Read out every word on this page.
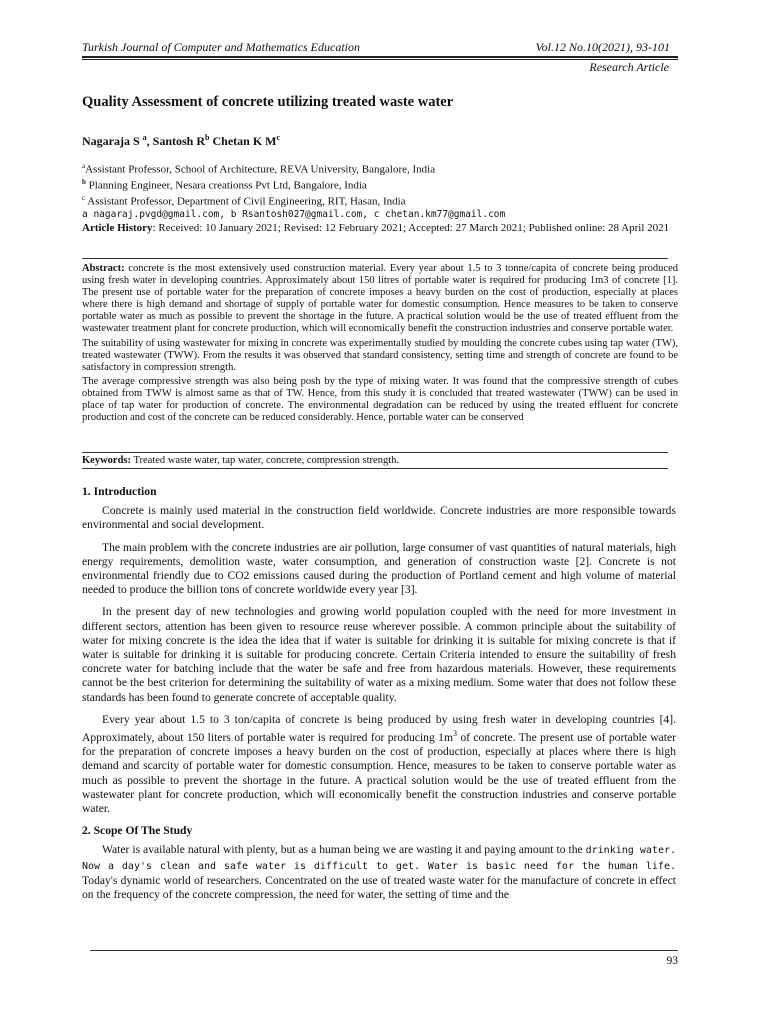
Turkish Journal of Computer and Mathematics Education	Vol.12 No.10(2021), 93-101
Research Article
Quality Assessment of concrete utilizing treated waste water
Nagaraja S $^a$, Santosh $R^b$ Chetan K $M^c$
$^a$Assistant Professor, School of Architecture, REVA University, Bangalore, India
$^b$ Planning Engineer, Nesara creationss Pvt Ltd, Bangalore, India
$^c$ Assistant Professor, Department of Civil Engineering, RIT, Hasan, India
a nagaraj.pvgd@gmail.com, b Rsantosh027@gmail.com, c chetan.km77@gmail.com
Article History: Received: 10 January 2021; Revised: 12 February 2021; Accepted: 27 March 2021; Published online: 28 April 2021

Abstract: concrete is the most extensively used construction material. Every year about 1.5 to 3 tonne/capita of concrete being produced using fresh water in developing countries. Approximately about 150 litres of portable water is required for producing 1m3 of concrete [1]. The present use of portable water for the preparation of concrete imposes a heavy burden on the cost of production, especially at places where there is high demand and shortage of supply of portable water for domestic consumption. Hence measures to be taken to conserve portable water as much as possible to prevent the shortage in the future. A practical solution would be the use of treated effluent from the wastewater treatment plant for concrete production, which will economically benefit the construction industries and conserve portable water.

The suitability of using wastewater for mixing in concrete was experimentally studied by moulding the concrete cubes using tap water (TW), treated wastewater (TWW). From the results it was observed that standard consistency, setting time and strength of concrete are found to be satisfactory in compression strength.

The average compressive strength was also being posh by the type of mixing water. It was found that the compressive strength of cubes obtained from TWW is almost same as that of TW. Hence, from this study it is concluded that treated wastewater (TWW) can be used in place of tap water for production of concrete. The environmental degradation can be reduced by using the treated effluent for concrete production and cost of the concrete can be reduced considerably. Hence, portable water can be conserved

Keywords: Treated waste water, tap water, concrete, compression strength.
1. Introduction

Concrete is mainly used material in the construction field worldwide. Concrete industries are more responsible towards environmental and social development.

The main problem with the concrete industries are air pollution, large consumer of vast quantities of natural materials, high energy requirements, demolition waste, water consumption, and generation of construction waste [2]. Concrete is not environmental friendly due to CO2 emissions caused during the production of Portland cement and high volume of material needed to produce the billion tons of concrete worldwide every year [3].

In the present day of new technologies and growing world population coupled with the need for more investment in different sectors, attention has been given to resource reuse wherever possible. A common principle about the suitability of water for mixing concrete is the idea the idea that if water is suitable for drinking it is suitable for mixing concrete is that if water is suitable for drinking it is suitable for producing concrete. Certain Criteria intended to ensure the suitability of fresh concrete water for batching include that the water be safe and free from hazardous materials. However, these requirements cannot be the best criterion for determining the suitability of water as a mixing medium. Some water that does not follow these standards has been found to generate concrete of acceptable quality.

Every year about 1.5 to 3 ton/capita of concrete is being produced by using fresh water in developing countries [4]. Approximately, about 150 liters of portable water is required for producing $1m^3$ of concrete. The present use of portable water for the preparation of concrete imposes a heavy burden on the cost of production, especially at places where there is high demand and scarcity of portable water for domestic consumption. Hence, measures to be taken to conserve portable water as much as possible to prevent the shortage in the future. A practical solution would be the use of treated effluent from the wastewater plant for concrete production, which will economically benefit the construction industries and conserve portable water.

2. Scope Of The Study

Water is available natural with plenty, but as a human being we are wasting it and paying amount to the drinking water. Now a day's clean and safe water is difficult to get. Water is basic need for the human life. Today's dynamic world of researchers. Concentrated on the use of treated waste water for the manufacture of concrete in effect on the frequency of the concrete compression, the need for water, the setting of time and the

93
